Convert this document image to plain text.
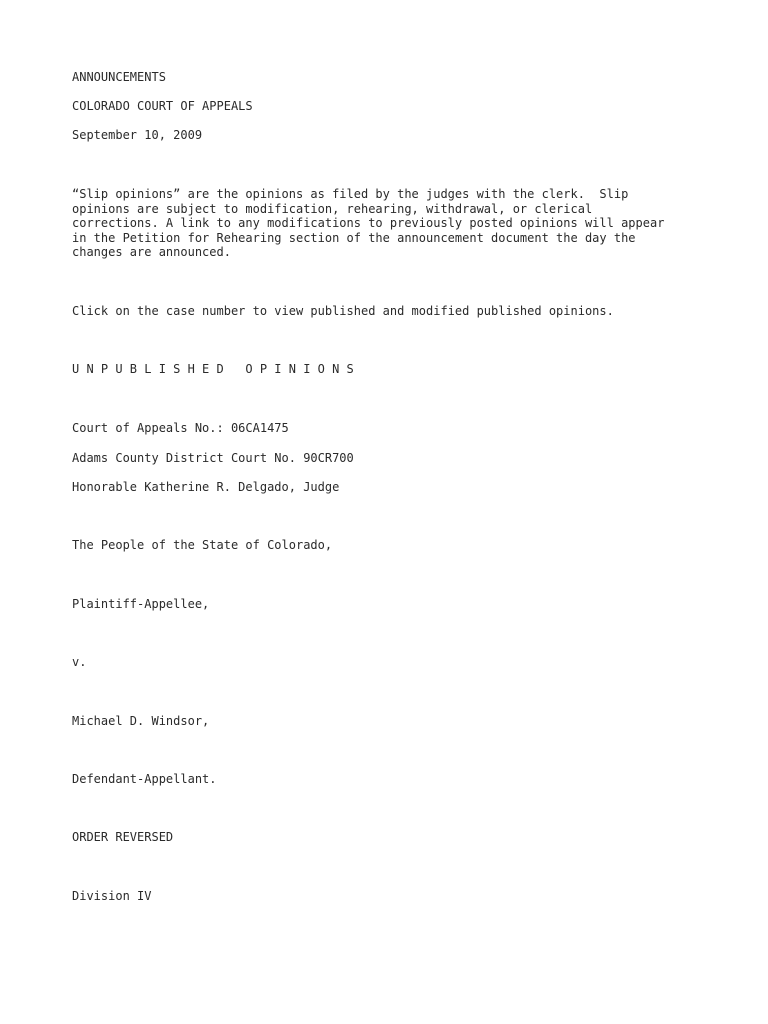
ANNOUNCEMENTS

COLORADO COURT OF APPEALS

September 10, 2009

“Slip opinions” are the opinions as filed by the judges with the clerk.  Slip
opinions are subject to modification, rehearing, withdrawal, or clerical
corrections. A link to any modifications to previously posted opinions will appear
in the Petition for Rehearing section of the announcement document the day the
changes are announced.

Click on the case number to view published and modified published opinions.

U N P U B L I S H E D   O P I N I O N S

Court of Appeals No.: 06CA1475

Adams County District Court No. 90CR700

Honorable Katherine R. Delgado, Judge

The People of the State of Colorado,

Plaintiff-Appellee,

v.

Michael D. Windsor,

Defendant-Appellant.

ORDER REVERSED

Division IV
